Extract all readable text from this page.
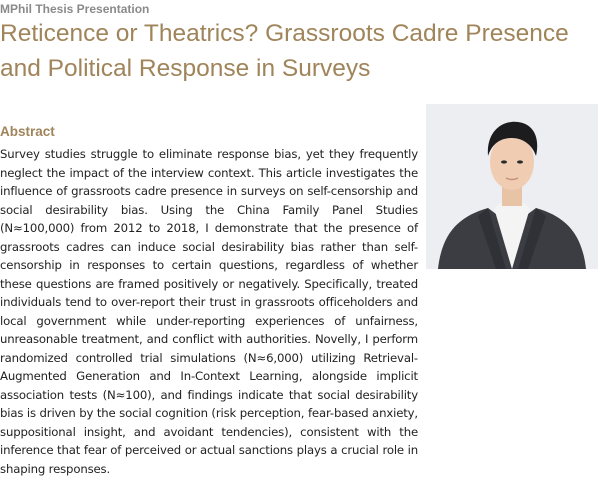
MPhil Thesis Presentation

Reticence or Theatrics? Grassroots Cadre Presence and Political Response in Surveys
Abstract

Survey studies struggle to eliminate response bias, yet they frequently neglect the impact of the interview context. This article investigates the influence of grassroots cadre presence in surveys on self-censorship and social desirability bias. Using the China Family Panel Studies (N≈100,000) from 2012 to 2018, I demonstrate that the presence of grassroots cadres can induce social desirability bias rather than self-censorship in responses to certain questions, regardless of whether these questions are framed positively or negatively. Specifically, treated individuals tend to over-report their trust in grassroots officeholders and local government while under-reporting experiences of unfairness, unreasonable treatment, and conflict with authorities. Novelly, I perform randomized controlled trial simulations (N≈6,000) utilizing Retrieval-Augmented Generation and In-Context Learning, alongside implicit association tests (N≈100), and findings indicate that social desirability bias is driven by the social cognition (risk perception, fear-based anxiety, suppositional insight, and avoidant tendencies), consistent with the inference that fear of perceived or actual sanctions plays a crucial role in shaping responses.
